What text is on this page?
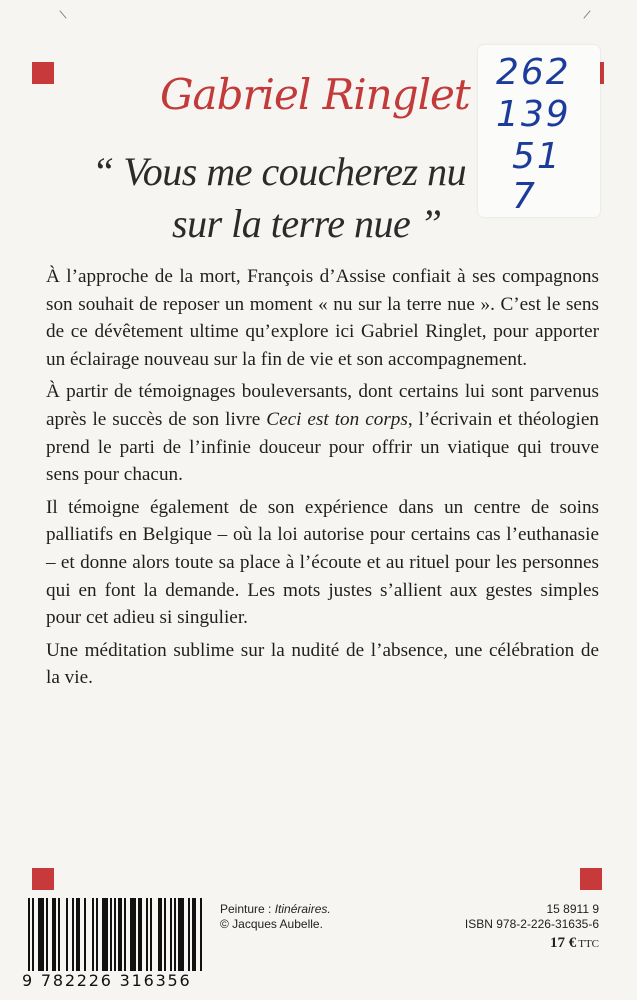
Gabriel Ringlet
“ Vous me coucherez nu
sur la terre nue ”
262
139
51
7

À l’approche de la mort, François d’Assise confiait à ses compagnons son souhait de reposer un moment « nu sur la terre nue ». C’est le sens de ce dévêtement ultime qu’explore ici Gabriel Ringlet, pour apporter un éclairage nouveau sur la fin de vie et son accompagnement.

À partir de témoignages bouleversants, dont certains lui sont parvenus après le succès de son livre Ceci est ton corps, l’écrivain et théologien prend le parti de l’infinie douceur pour offrir un viatique qui trouve sens pour chacun.

Il témoigne également de son expérience dans un centre de soins palliatifs en Belgique – où la loi autorise pour certains cas l’euthanasie – et donne alors toute sa place à l’écoute et au rituel pour les personnes qui en font la demande. Les mots justes s’allient aux gestes simples pour cet adieu si singulier.

Une méditation sublime sur la nudité de l’absence, une célébration de la vie.

9 782226 316356
Peinture : Itinéraires.
© Jacques Aubelle.
15 8911 9
ISBN 978-2-226-31635-6
17 € TTC
